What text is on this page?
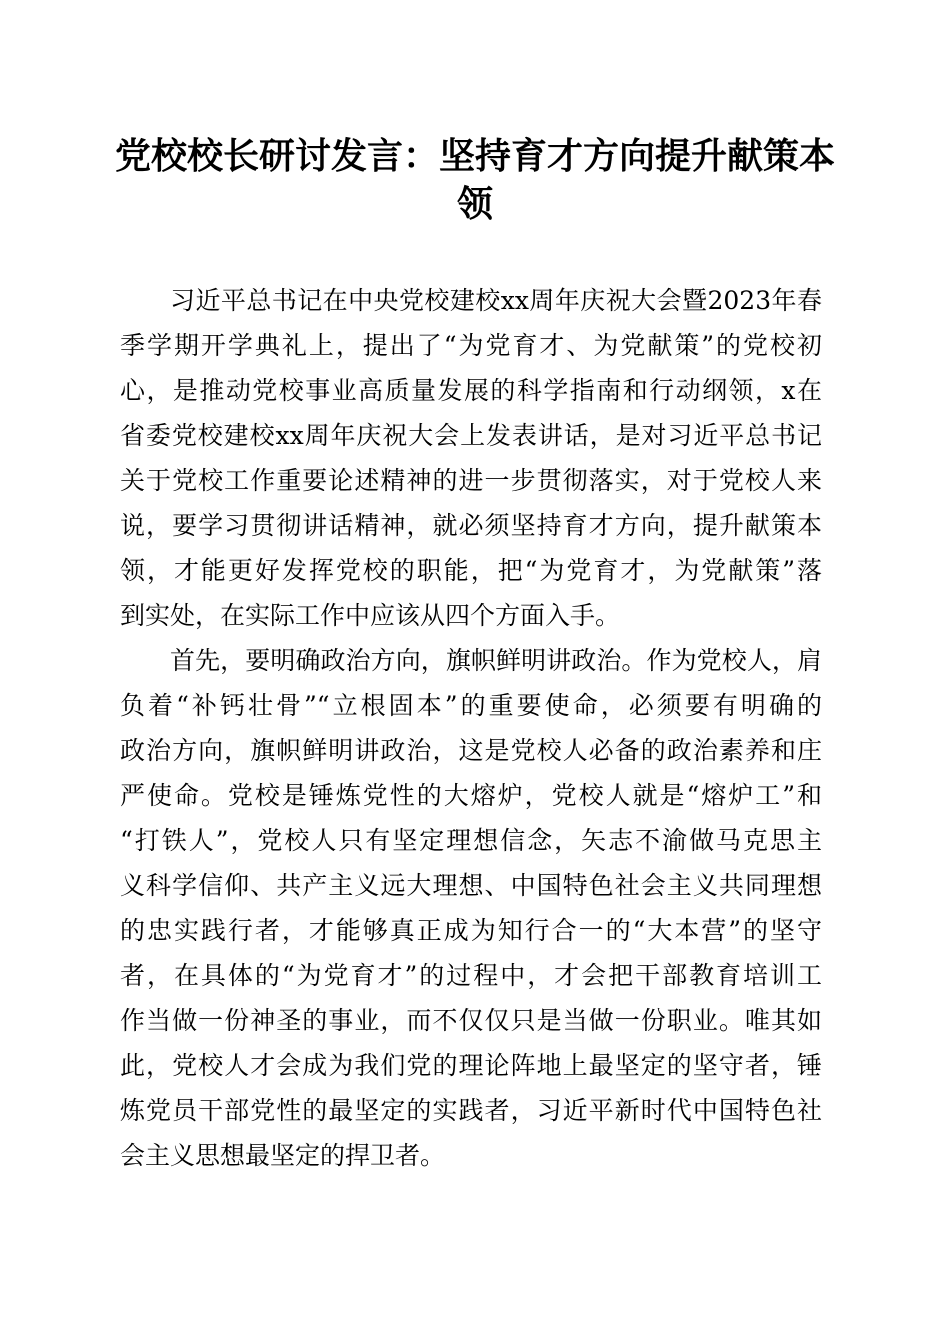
党校校长研讨发言：坚持育才方向提升献策本
领
习近平总书记在中央党校建校xx周年庆祝大会暨2023年春
季学期开学典礼上，提出了“为党育才、为党献策”的党校初
心，是推动党校事业高质量发展的科学指南和行动纲领，x在
省委党校建校xx周年庆祝大会上发表讲话，是对习近平总书记
关于党校工作重要论述精神的进一步贯彻落实，对于党校人来
说，要学习贯彻讲话精神，就必须坚持育才方向，提升献策本
领，才能更好发挥党校的职能，把“为党育才，为党献策”落
到实处，在实际工作中应该从四个方面入手。
首先，要明确政治方向，旗帜鲜明讲政治。作为党校人，肩
负着“补钙壮骨”“立根固本”的重要使命，必须要有明确的
政治方向，旗帜鲜明讲政治，这是党校人必备的政治素养和庄
严使命。党校是锤炼党性的大熔炉，党校人就是“熔炉工”和
“打铁人”，党校人只有坚定理想信念，矢志不渝做马克思主
义科学信仰、共产主义远大理想、中国特色社会主义共同理想
的忠实践行者，才能够真正成为知行合一的“大本营”的坚守
者，在具体的“为党育才”的过程中，才会把干部教育培训工
作当做一份神圣的事业，而不仅仅只是当做一份职业。唯其如
此，党校人才会成为我们党的理论阵地上最坚定的坚守者，锤
炼党员干部党性的最坚定的实践者，习近平新时代中国特色社
会主义思想最坚定的捍卫者。
